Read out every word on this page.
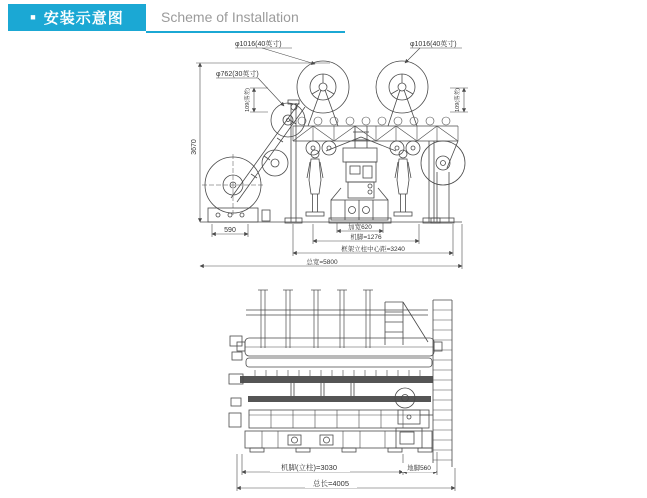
■ 安装示意图	Scheme of Installation
φ762(30英寸)
φ1016(40英寸)	φ1016(40英寸)
3670
109(落差)	109(落差)
590	加宽620
机脚=1276
框架立柱中心距=3240
总宽=5800
机脚(立柱)=3030	地脚560
总长=4005
